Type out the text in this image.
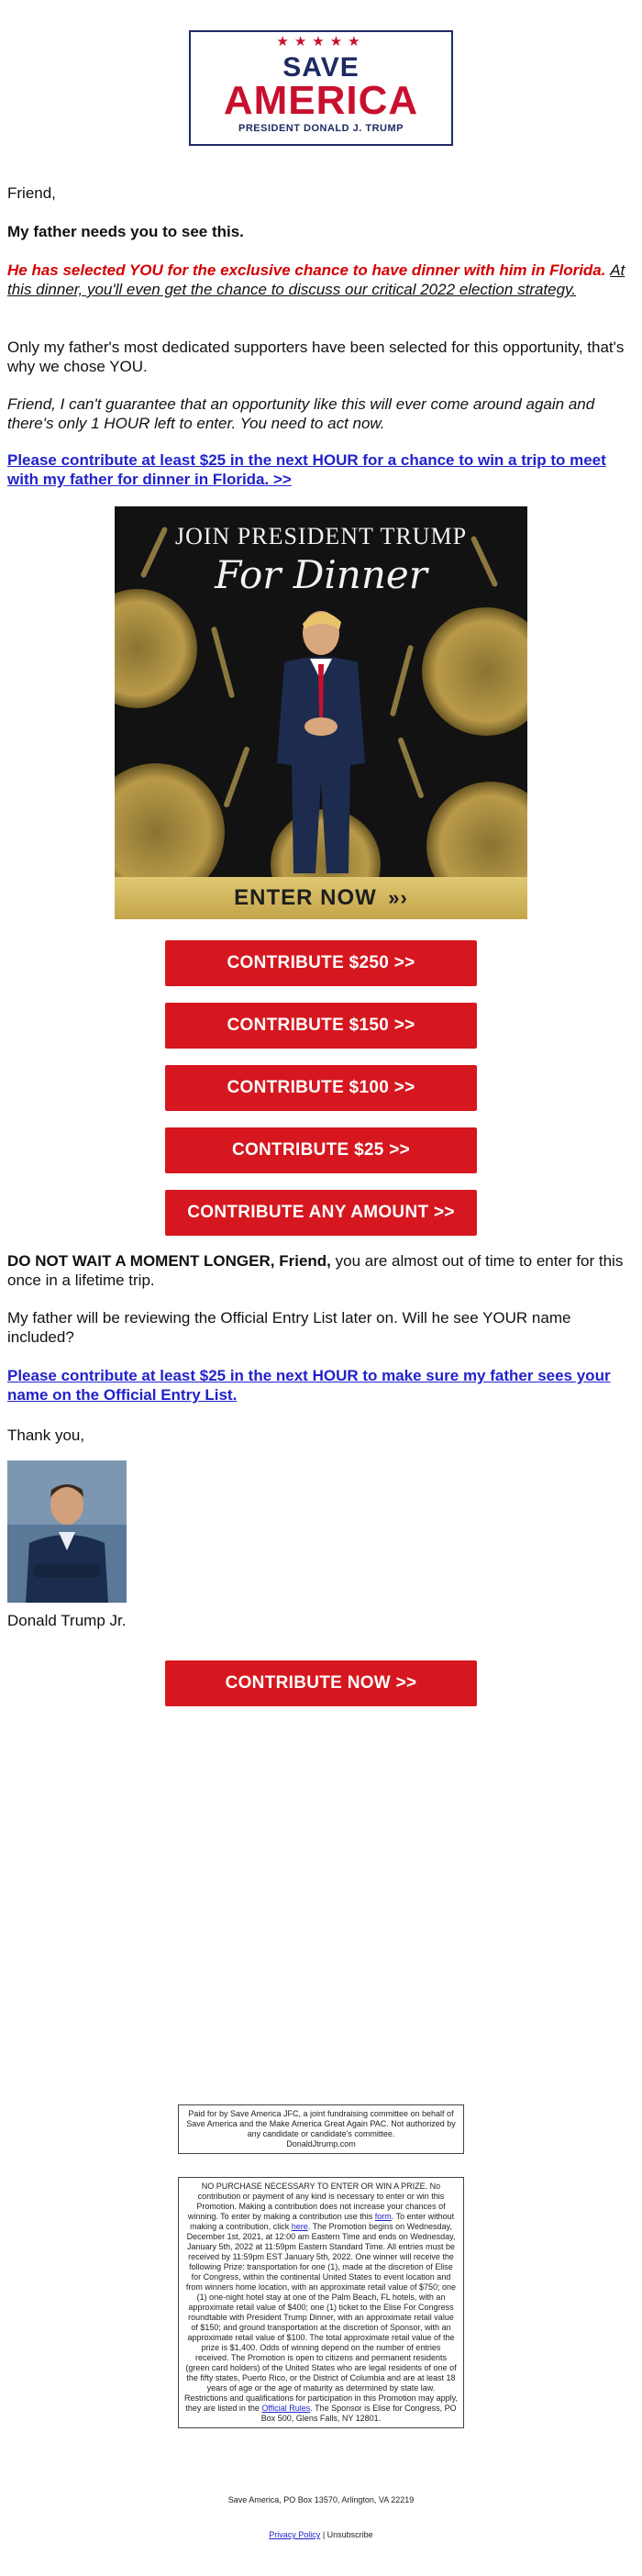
★★★★★
SAVE
AMERICA
PRESIDENT DONALD J. TRUMP

Friend,

My father needs you to see this.

He has selected YOU for the exclusive chance to have dinner with him in Florida. At this dinner, you'll even get the chance to discuss our critical 2022 election strategy.

Only my father's most dedicated supporters have been selected for this opportunity, that's why we chose YOU.

Friend, I can't guarantee that an opportunity like this will ever come around again and there's only 1 HOUR left to enter. You need to act now.

Please contribute at least $25 in the next HOUR for a chance to win a trip to meet with my father for dinner in Florida. >>

JOIN PRESIDENT TRUMP
For Dinner
ENTER NOW »›
CONTRIBUTE $250 >>
CONTRIBUTE $150 >>
CONTRIBUTE $100 >>
CONTRIBUTE $25 >>
CONTRIBUTE ANY AMOUNT >>

DO NOT WAIT A MOMENT LONGER, Friend, you are almost out of time to enter for this once in a lifetime trip.

My father will be reviewing the Official Entry List later on. Will he see YOUR name included?

Please contribute at least $25 in the next HOUR to make sure my father sees your name on the Official Entry List.

Thank you,

Donald Trump Jr.

CONTRIBUTE NOW >>
Paid for by Save America JFC, a joint fundraising committee on behalf of Save America and the Make America Great Again PAC. Not authorized by any candidate or candidate's committee.
DonaldJtrump.com
NO PURCHASE NECESSARY TO ENTER OR WIN A PRIZE. No contribution or payment of any kind is necessary to enter or win this Promotion. Making a contribution does not increase your chances of winning. To enter by making a contribution use this form. To enter without making a contribution, click here. The Promotion begins on Wednesday, December 1st, 2021, at 12:00 am Eastern Time and ends on Wednesday, January 5th, 2022 at 11:59pm Eastern Standard Time. All entries must be received by 11:59pm EST January 5th, 2022. One winner will receive the following Prize: transportation for one (1), made at the discretion of Elise for Congress, within the continental United States to event location and from winners home location, with an approximate retail value of $750; one (1) one-night hotel stay at one of the Palm Beach, FL hotels, with an approximate retail value of $400; one (1) ticket to the Elise For Congress roundtable with President Trump Dinner, with an approximate retail value of $150; and ground transportation at the discretion of Sponsor, with an approximate retail value of $100. The total approximate retail value of the prize is $1,400. Odds of winning depend on the number of entries received. The Promotion is open to citizens and permanent residents (green card holders) of the United States who are legal residents of one of the fifty states, Puerto Rico, or the District of Columbia and are at least 18 years of age or the age of maturity as determined by state law. Restrictions and qualifications for participation in this Promotion may apply, they are listed in the Official Rules. The Sponsor is Elise for Congress, PO Box 500, Glens Falls, NY 12801.
Save America, PO Box 13570, Arlington, VA 22219
Privacy Policy | Unsubscribe
